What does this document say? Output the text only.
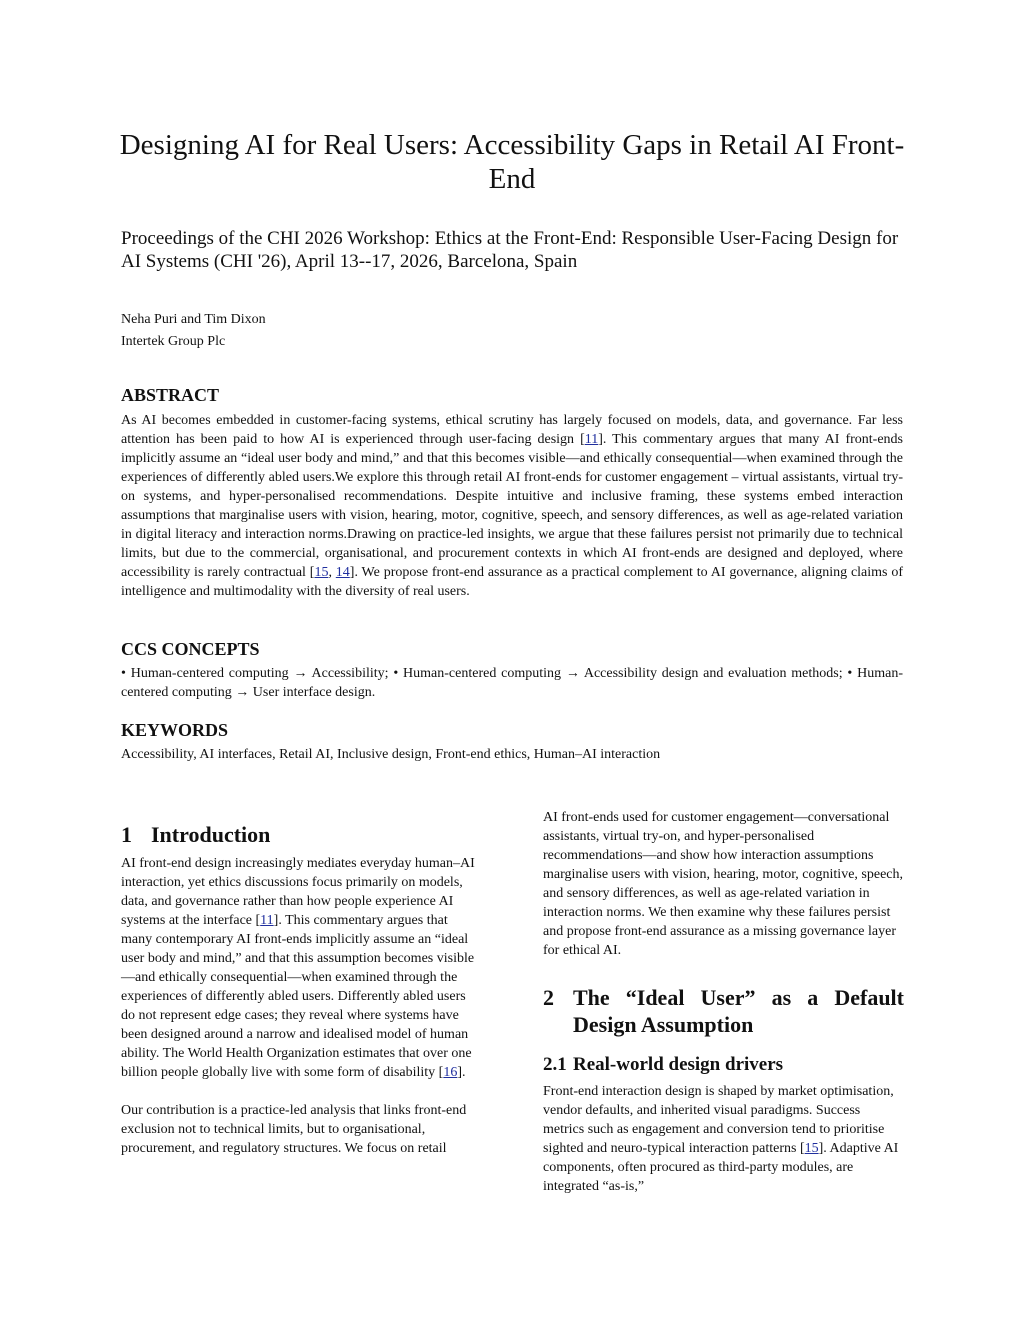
Designing AI for Real Users: Accessibility Gaps in Retail AI Front-End

Proceedings of the CHI 2026 Workshop: Ethics at the Front-End: Responsible User-Facing Design for AI Systems (CHI '26), April 13--17, 2026, Barcelona, Spain

Neha Puri and Tim Dixon

Intertek Group Plc

ABSTRACT

As AI becomes embedded in customer-facing systems, ethical scrutiny has largely focused on models, data, and governance. Far less attention has been paid to how AI is experienced through user-facing design [11]. This commentary argues that many AI front-ends implicitly assume an “ideal user body and mind,” and that this becomes visible—and ethically consequential—when examined through the experiences of differently abled users.We explore this through retail AI front-ends for customer engagement – virtual assistants, virtual try-on systems, and hyper-personalised recommendations. Despite intuitive and inclusive framing, these systems embed interaction assumptions that marginalise users with vision, hearing, motor, cognitive, speech, and sensory differences, as well as age-related variation in digital literacy and interaction norms.Drawing on practice-led insights, we argue that these failures persist not primarily due to technical limits, but due to the commercial, organisational, and procurement contexts in which AI front-ends are designed and deployed, where accessibility is rarely contractual [15, 14]. We propose front-end assurance as a practical complement to AI governance, aligning claims of intelligence and multimodality with the diversity of real users.

CCS CONCEPTS

• Human-centered computing → Accessibility; • Human-centered computing → Accessibility design and evaluation methods; • Human-centered computing → User interface design.

KEYWORDS

Accessibility, AI interfaces, Retail AI, Inclusive design, Front-end ethics, Human–AI interaction

1 Introduction

AI front-end design increasingly mediates everyday human–AI interaction, yet ethics discussions focus primarily on models, data, and governance rather than how people experience AI systems at the interface [11]. This commentary argues that many contemporary AI front-ends implicitly assume an “ideal user body and mind,” and that this assumption becomes visible—and ethically consequential—when examined through the experiences of differently abled users. Differently abled users do not represent edge cases; they reveal where systems have been designed around a narrow and idealised model of human ability. The World Health Organization estimates that over one billion people globally live with some form of disability [16].

Our contribution is a practice-led analysis that links front-end exclusion not to technical limits, but to organisational, procurement, and regulatory structures. We focus on retail

AI front-ends used for customer engagement—conversational assistants, virtual try-on, and hyper-personalised recommendations—and show how interaction assumptions marginalise users with vision, hearing, motor, cognitive, speech, and sensory differences, as well as age-related variation in interaction norms. We then examine why these failures persist and propose front-end assurance as a missing governance layer for ethical AI.

2 The “Ideal User” as a Default Design Assumption
2.1 Real-world design drivers

Front-end interaction design is shaped by market optimisation, vendor defaults, and inherited visual paradigms. Success metrics such as engagement and conversion tend to prioritise sighted and neuro-typical interaction patterns [15]. Adaptive AI components, often procured as third-party modules, are integrated “as-is,”
